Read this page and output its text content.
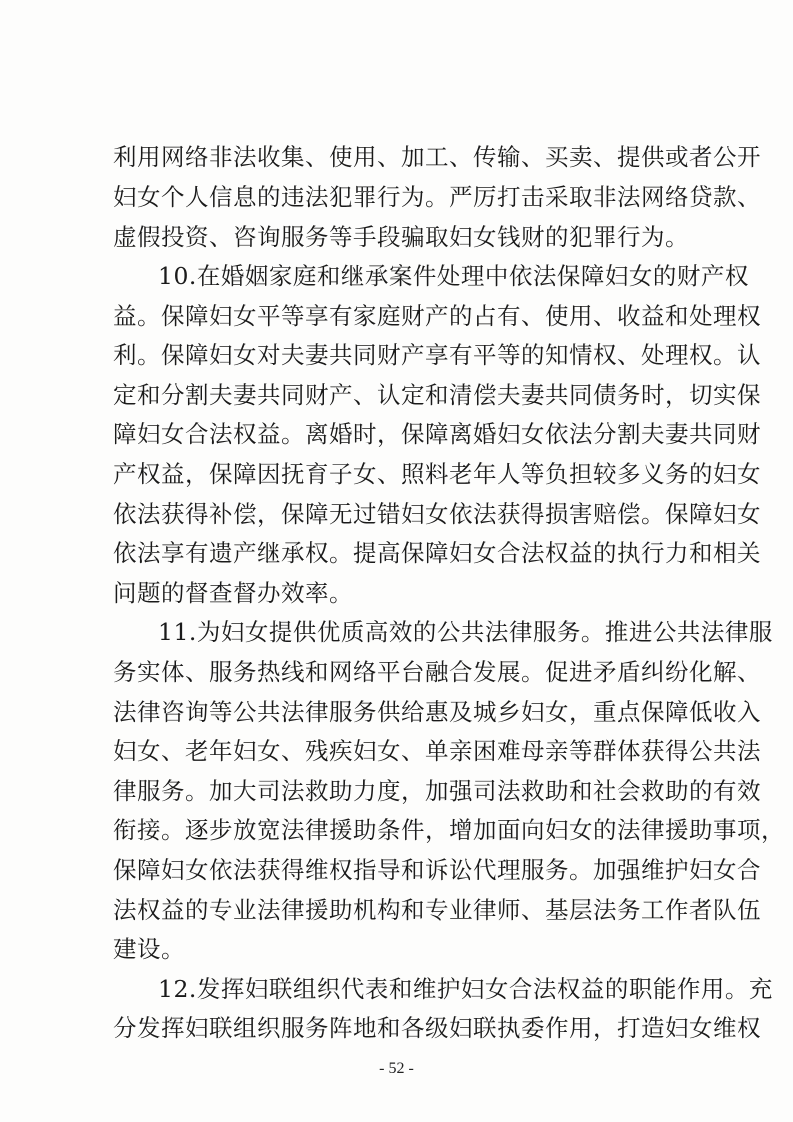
利用网络非法收集、使用、加工、传输、买卖、提供或者公开
妇女个人信息的违法犯罪行为。严厉打击采取非法网络贷款、
虚假投资、咨询服务等手段骗取妇女钱财的犯罪行为。
10.在婚姻家庭和继承案件处理中依法保障妇女的财产权
益。保障妇女平等享有家庭财产的占有、使用、收益和处理权
利。保障妇女对夫妻共同财产享有平等的知情权、处理权。认
定和分割夫妻共同财产、认定和清偿夫妻共同债务时，切实保
障妇女合法权益。离婚时，保障离婚妇女依法分割夫妻共同财
产权益，保障因抚育子女、照料老年人等负担较多义务的妇女
依法获得补偿，保障无过错妇女依法获得损害赔偿。保障妇女
依法享有遗产继承权。提高保障妇女合法权益的执行力和相关
问题的督查督办效率。
11.为妇女提供优质高效的公共法律服务。推进公共法律服
务实体、服务热线和网络平台融合发展。促进矛盾纠纷化解、
法律咨询等公共法律服务供给惠及城乡妇女，重点保障低收入
妇女、老年妇女、残疾妇女、单亲困难母亲等群体获得公共法
律服务。加大司法救助力度，加强司法救助和社会救助的有效
衔接。逐步放宽法律援助条件，增加面向妇女的法律援助事项，
保障妇女依法获得维权指导和诉讼代理服务。加强维护妇女合
法权益的专业法律援助机构和专业律师、基层法务工作者队伍
建设。
12.发挥妇联组织代表和维护妇女合法权益的职能作用。充
分发挥妇联组织服务阵地和各级妇联执委作用，打造妇女维权
- 52 -
